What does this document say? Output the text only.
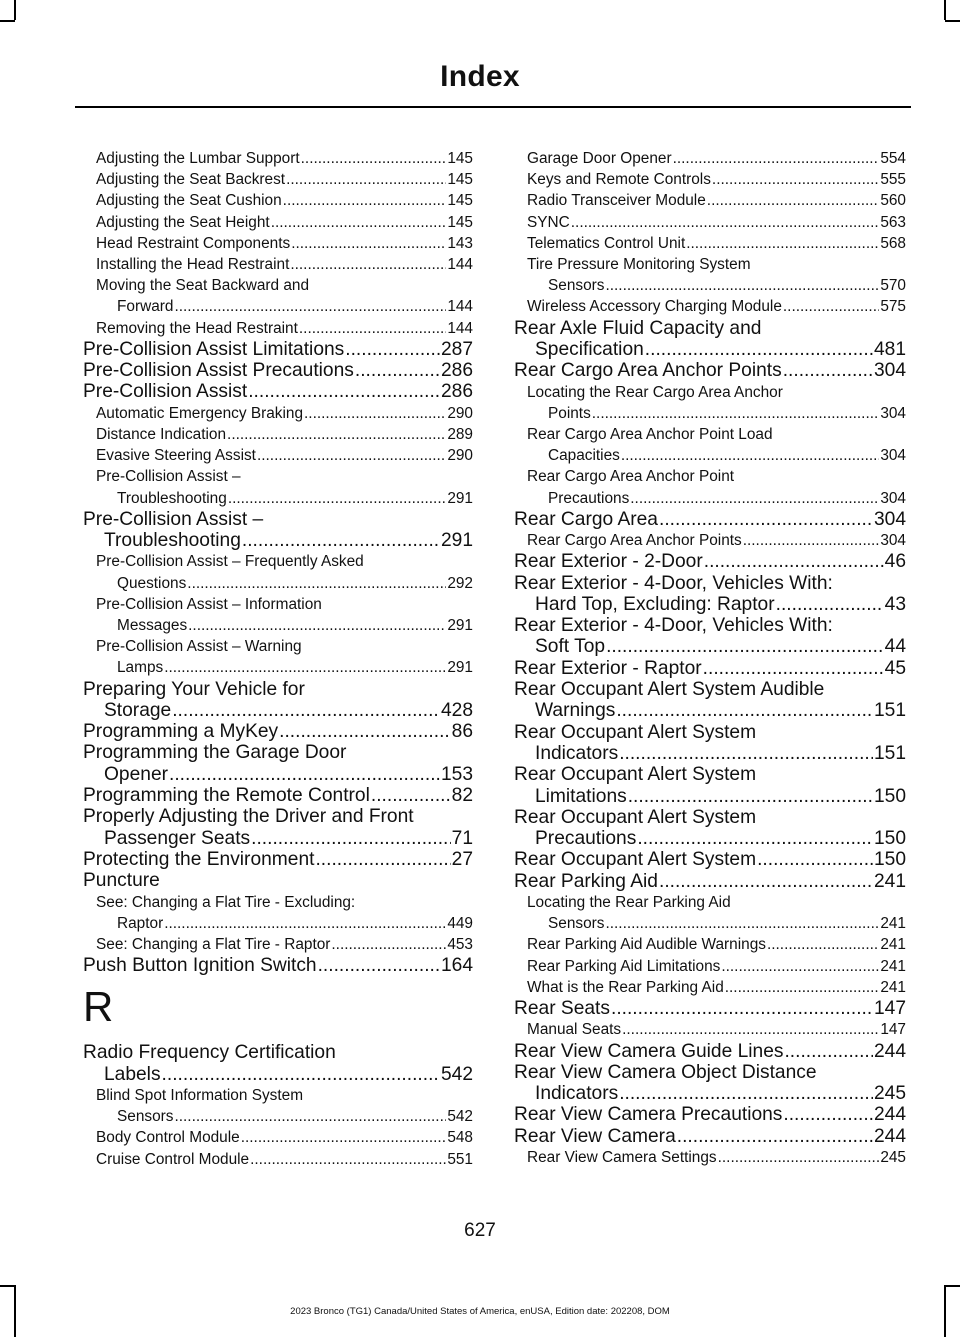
Index
Adjusting the Lumbar Support .....	145
Adjusting the Seat Backrest .....	145
Adjusting the Seat Cushion .....	145
Adjusting the Seat Height .....	145
Head Restraint Components .....	143
Installing the Head Restraint .....	144
Moving the Seat Backward and
Forward .....	144
Removing the Head Restraint .....	144
Pre-Collision Assist Limitations .....	287
Pre-Collision Assist Precautions .....	286
Pre-Collision Assist .....	286
Automatic Emergency Braking .....	290
Distance Indication .....	289
Evasive Steering Assist .....	290
Pre-Collision Assist –
Troubleshooting .....	291
Pre-Collision Assist –
Troubleshooting .....	291
Pre-Collision Assist – Frequently Asked
Questions .....	292
Pre-Collision Assist – Information
Messages .....	291
Pre-Collision Assist – Warning
Lamps .....	291
Preparing Your Vehicle for
Storage .....	428
Programming a MyKey .....	86
Programming the Garage Door
Opener .....	153
Programming the Remote Control .....	82
Properly Adjusting the Driver and Front
Passenger Seats .....	71
Protecting the Environment .....	27
Puncture
See: Changing a Flat Tire - Excluding:
Raptor .....	449
See: Changing a Flat Tire - Raptor .....	453
Push Button Ignition Switch .....	164
R
Radio Frequency Certification
Labels .....	542
Blind Spot Information System
Sensors .....	542
Body Control Module .....	548
Cruise Control Module .....	551
Garage Door Opener .....	554
Keys and Remote Controls .....	555
Radio Transceiver Module .....	560
SYNC .....	563
Telematics Control Unit .....	568
Tire Pressure Monitoring System
Sensors .....	570
Wireless Accessory Charging Module .....	575
Rear Axle Fluid Capacity and
Specification .....	481
Rear Cargo Area Anchor Points .....	304
Locating the Rear Cargo Area Anchor
Points .....	304
Rear Cargo Area Anchor Point Load
Capacities .....	304
Rear Cargo Area Anchor Point
Precautions .....	304
Rear Cargo Area .....	304
Rear Cargo Area Anchor Points .....	304
Rear Exterior - 2-Door .....	46
Rear Exterior - 4-Door, Vehicles With:
Hard Top, Excluding: Raptor .....	43
Rear Exterior - 4-Door, Vehicles With:
Soft Top .....	44
Rear Exterior - Raptor .....	45
Rear Occupant Alert System Audible
Warnings .....	151
Rear Occupant Alert System
Indicators .....	151
Rear Occupant Alert System
Limitations .....	150
Rear Occupant Alert System
Precautions .....	150
Rear Occupant Alert System .....	150
Rear Parking Aid .....	241
Locating the Rear Parking Aid
Sensors .....	241
Rear Parking Aid Audible Warnings .....	241
Rear Parking Aid Limitations .....	241
What is the Rear Parking Aid .....	241
Rear Seats .....	147
Manual Seats .....	147
Rear View Camera Guide Lines .....	244
Rear View Camera Object Distance
Indicators .....	245
Rear View Camera Precautions .....	244
Rear View Camera .....	244
Rear View Camera Settings .....	245
627
2023 Bronco (TG1) Canada/United States of America, enUSA, Edition date: 202208, DOM
